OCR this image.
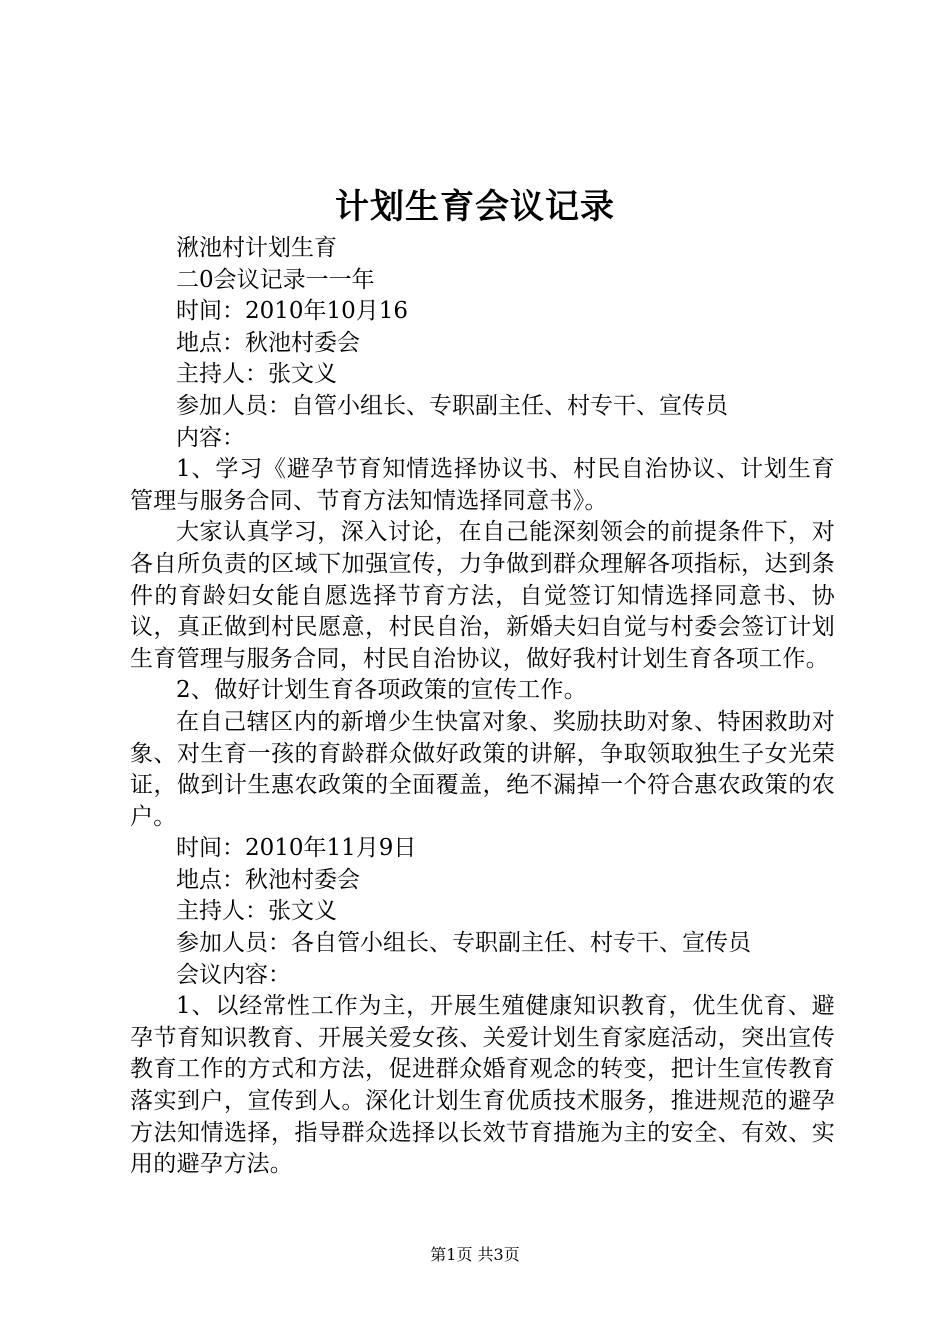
计划生育会议记录

湫池村计划生育

二0会议记录一一年

时间：2010年10月16

地点：秋池村委会

主持人：张文义

参加人员：自管小组长、专职副主任、村专干、宣传员

内容：

1、学习《避孕节育知情选择协议书、村民自治协议、计划生育管理与服务合同、节育方法知情选择同意书》。

大家认真学习，深入讨论，在自己能深刻领会的前提条件下，对各自所负责的区域下加强宣传，力争做到群众理解各项指标，达到条件的育龄妇女能自愿选择节育方法，自觉签订知情选择同意书、协议，真正做到村民愿意，村民自治，新婚夫妇自觉与村委会签订计划生育管理与服务合同，村民自治协议，做好我村计划生育各项工作。

2、做好计划生育各项政策的宣传工作。

在自己辖区内的新增少生快富对象、奖励扶助对象、特困救助对象、对生育一孩的育龄群众做好政策的讲解，争取领取独生子女光荣证，做到计生惠农政策的全面覆盖，绝不漏掉一个符合惠农政策的农户。

时间：2010年11月9日

地点：秋池村委会

主持人：张文义

参加人员：各自管小组长、专职副主任、村专干、宣传员

会议内容：

1、以经常性工作为主，开展生殖健康知识教育，优生优育、避孕节育知识教育、开展关爱女孩、关爱计划生育家庭活动，突出宣传教育工作的方式和方法，促进群众婚育观念的转变，把计生宣传教育落实到户，宣传到人。深化计划生育优质技术服务，推进规范的避孕方法知情选择，指导群众选择以长效节育措施为主的安全、有效、实用的避孕方法。

第1页 共3页
